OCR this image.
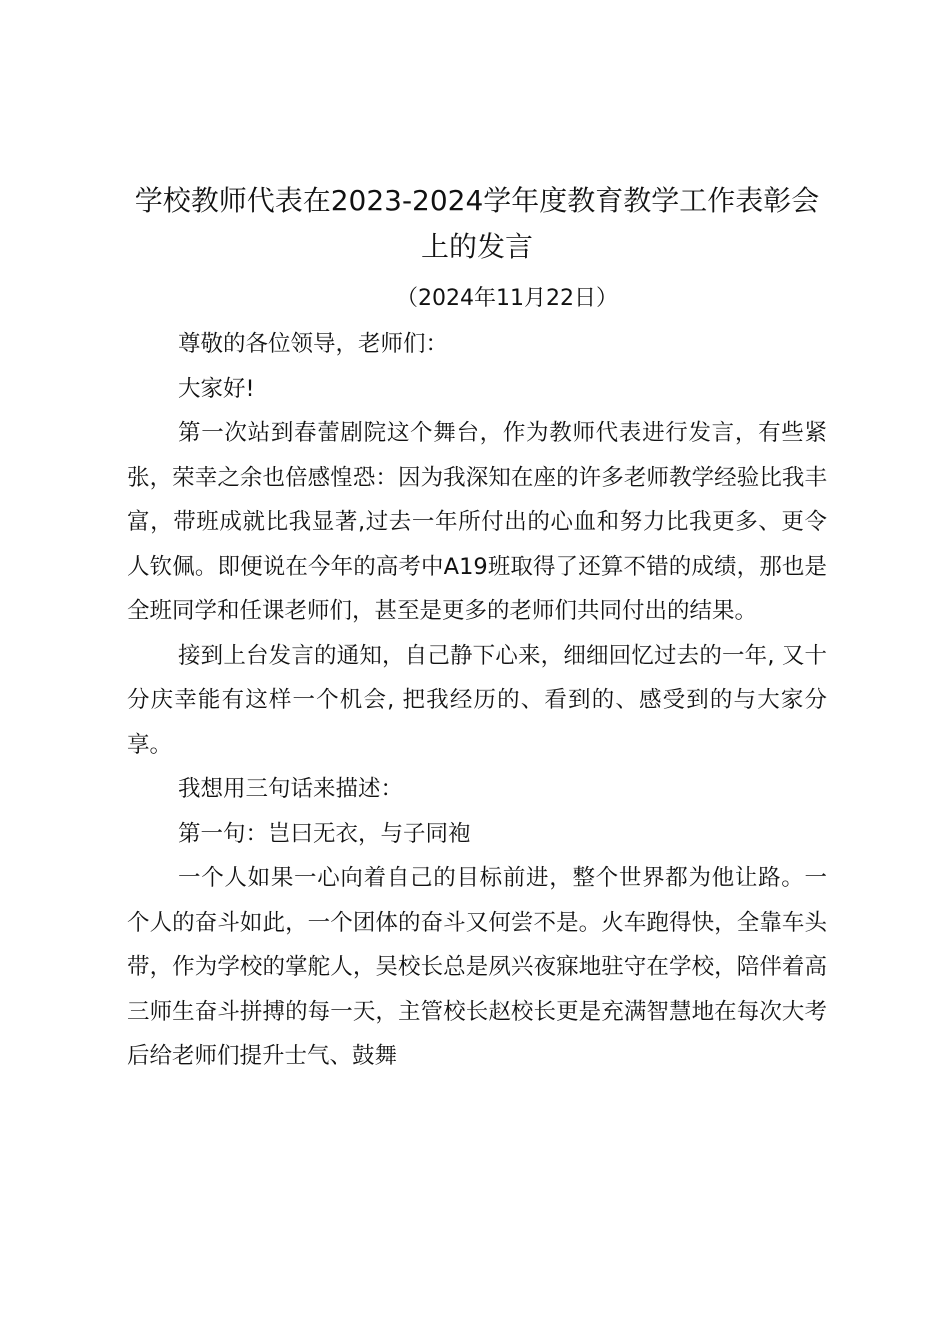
学校教师代表在2023-2024学年度教育教学工作表彰会上的发言
（2024年11月22日）

尊敬的各位领导，老师们：

大家好!

第一次站到春蕾剧院这个舞台，作为教师代表进行发言，有些紧张，荣幸之余也倍感惶恐：因为我深知在座的许多老师教学经验比我丰富，带班成就比我显著,过去一年所付出的心血和努力比我更多、更令人钦佩。即便说在今年的高考中A19班取得了还算不错的成绩，那也是全班同学和任课老师们，甚至是更多的老师们共同付出的结果。

接到上台发言的通知，自己静下心来，细细回忆过去的一年, 又十分庆幸能有这样一个机会, 把我经历的、看到的、感受到的与大家分享。

我想用三句话来描述：

第一句：岂曰无衣，与子同袍

一个人如果一心向着自己的目标前进，整个世界都为他让路。一个人的奋斗如此，一个团体的奋斗又何尝不是。火车跑得快，全靠车头带，作为学校的掌舵人，吴校长总是夙兴夜寐地驻守在学校，陪伴着高三师生奋斗拼搏的每一天，主管校长赵校长更是充满智慧地在每次大考后给老师们提升士气、鼓舞
